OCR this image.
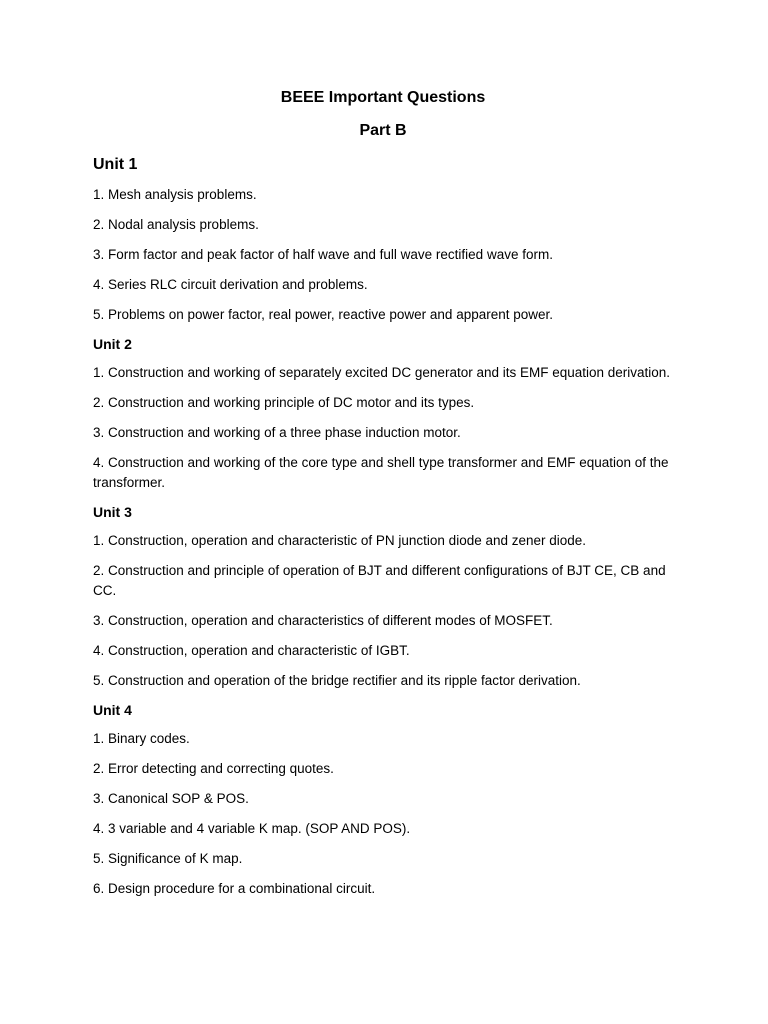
BEEE Important Questions

Part B

Unit 1

1. Mesh analysis problems.

2. Nodal analysis problems.

3. Form factor and peak factor of half wave and full wave rectified wave form.

4. Series RLC circuit derivation and problems.

5. Problems on power factor, real power, reactive power and apparent power.

Unit 2

1. Construction and working of separately excited DC generator and its EMF equation derivation.

2. Construction and working principle of DC motor and its types.

3. Construction and working of a three phase induction motor.

4. Construction and working of the core type and shell type transformer and EMF equation of the transformer.

Unit 3

1. Construction, operation and characteristic of PN junction diode and zener diode.

2. Construction and principle of operation of BJT and different configurations of BJT CE, CB and CC.

3. Construction, operation and characteristics of different modes of MOSFET.

4. Construction, operation and characteristic of IGBT.

5. Construction and operation of the bridge rectifier and its ripple factor derivation.

Unit 4

1. Binary codes.

2. Error detecting and correcting quotes.

3. Canonical SOP & POS.

4. 3 variable and 4 variable K map. (SOP AND POS).

5. Significance of K map.

6. Design procedure for a combinational circuit.
